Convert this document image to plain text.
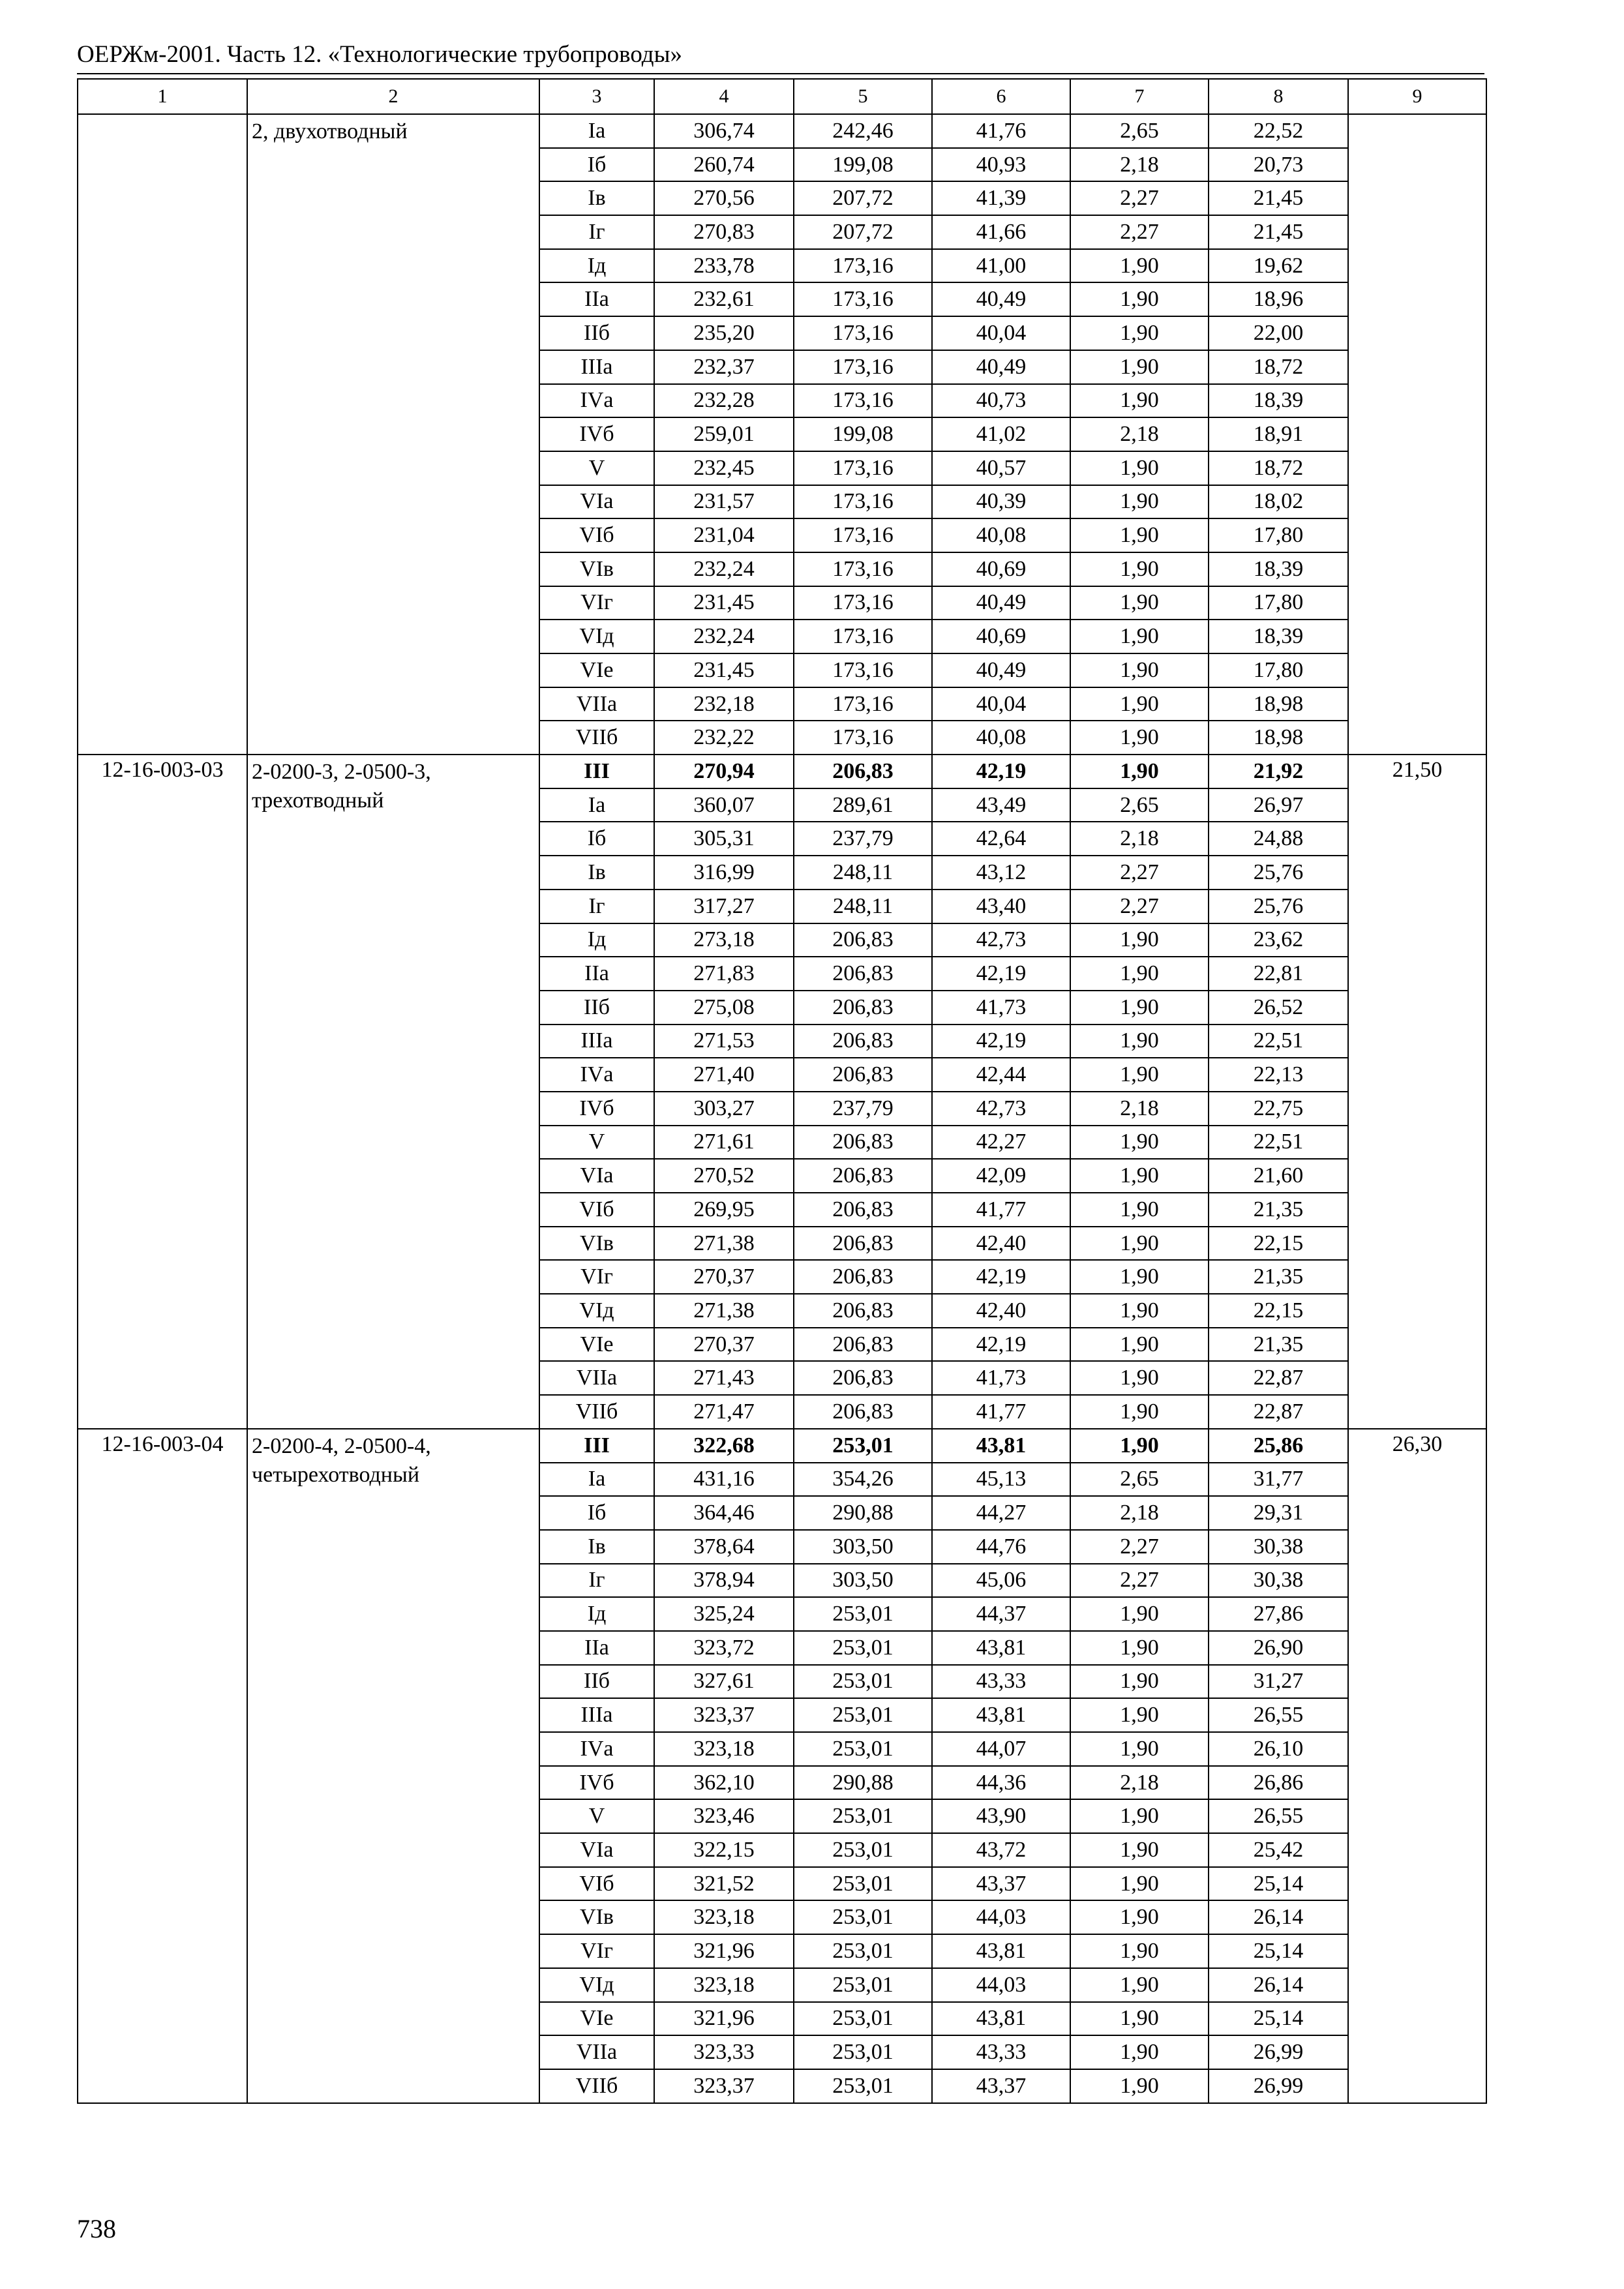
ОЕРЖм-2001. Часть 12. «Технологические трубопроводы»
1	2	3	4	5	6	7	8	9
	2, двухотводный	Iа	306,74	242,46	41,76	2,65	22,52	
		Iб	260,74	199,08	40,93	2,18	20,73	
		Iв	270,56	207,72	41,39	2,27	21,45	
		Iг	270,83	207,72	41,66	2,27	21,45	
		Iд	233,78	173,16	41,00	1,90	19,62	
		IIа	232,61	173,16	40,49	1,90	18,96	
		IIб	235,20	173,16	40,04	1,90	22,00	
		IIIа	232,37	173,16	40,49	1,90	18,72	
		IVа	232,28	173,16	40,73	1,90	18,39	
		IVб	259,01	199,08	41,02	2,18	18,91	
		V	232,45	173,16	40,57	1,90	18,72	
		VIа	231,57	173,16	40,39	1,90	18,02	
		VIб	231,04	173,16	40,08	1,90	17,80	
		VIв	232,24	173,16	40,69	1,90	18,39	
		VIг	231,45	173,16	40,49	1,90	17,80	
		VIд	232,24	173,16	40,69	1,90	18,39	
		VIе	231,45	173,16	40,49	1,90	17,80	
		VIIа	232,18	173,16	40,04	1,90	18,98	
		VIIб	232,22	173,16	40,08	1,90	18,98	
12-16-003-03	2-0200-3, 2-0500-3, трехотводный	III	270,94	206,83	42,19	1,90	21,92	21,50
		Iа	360,07	289,61	43,49	2,65	26,97	
		Iб	305,31	237,79	42,64	2,18	24,88	
		Iв	316,99	248,11	43,12	2,27	25,76	
		Iг	317,27	248,11	43,40	2,27	25,76	
		Iд	273,18	206,83	42,73	1,90	23,62	
		IIа	271,83	206,83	42,19	1,90	22,81	
		IIб	275,08	206,83	41,73	1,90	26,52	
		IIIа	271,53	206,83	42,19	1,90	22,51	
		IVа	271,40	206,83	42,44	1,90	22,13	
		IVб	303,27	237,79	42,73	2,18	22,75	
		V	271,61	206,83	42,27	1,90	22,51	
		VIа	270,52	206,83	42,09	1,90	21,60	
		VIб	269,95	206,83	41,77	1,90	21,35	
		VIв	271,38	206,83	42,40	1,90	22,15	
		VIг	270,37	206,83	42,19	1,90	21,35	
		VIд	271,38	206,83	42,40	1,90	22,15	
		VIе	270,37	206,83	42,19	1,90	21,35	
		VIIа	271,43	206,83	41,73	1,90	22,87	
		VIIб	271,47	206,83	41,77	1,90	22,87	
12-16-003-04	2-0200-4, 2-0500-4, четырехотводный	III	322,68	253,01	43,81	1,90	25,86	26,30
		Iа	431,16	354,26	45,13	2,65	31,77	
		Iб	364,46	290,88	44,27	2,18	29,31	
		Iв	378,64	303,50	44,76	2,27	30,38	
		Iг	378,94	303,50	45,06	2,27	30,38	
		Iд	325,24	253,01	44,37	1,90	27,86	
		IIа	323,72	253,01	43,81	1,90	26,90	
		IIб	327,61	253,01	43,33	1,90	31,27	
		IIIа	323,37	253,01	43,81	1,90	26,55	
		IVа	323,18	253,01	44,07	1,90	26,10	
		IVб	362,10	290,88	44,36	2,18	26,86	
		V	323,46	253,01	43,90	1,90	26,55	
		VIа	322,15	253,01	43,72	1,90	25,42	
		VIб	321,52	253,01	43,37	1,90	25,14	
		VIв	323,18	253,01	44,03	1,90	26,14	
		VIг	321,96	253,01	43,81	1,90	25,14	
		VIд	323,18	253,01	44,03	1,90	26,14	
		VIе	321,96	253,01	43,81	1,90	25,14	
		VIIа	323,33	253,01	43,33	1,90	26,99	
		VIIб	323,37	253,01	43,37	1,90	26,99	
738
